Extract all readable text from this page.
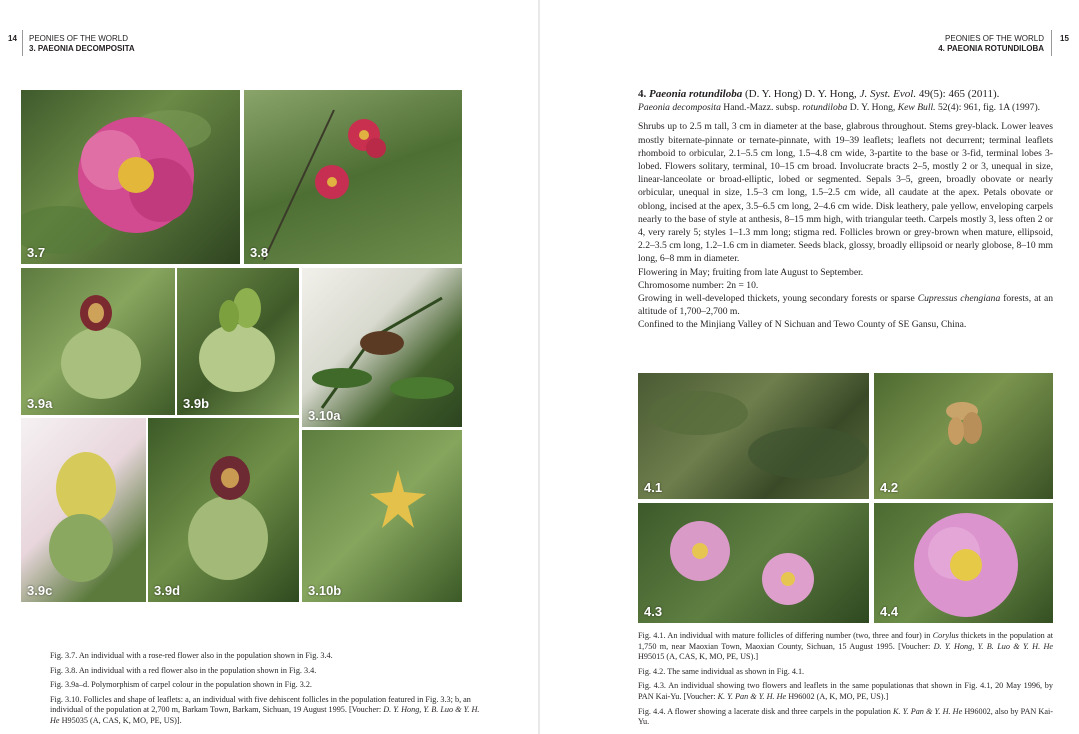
14 PEONIES OF THE WORLD
3. PAEONIA DECOMPOSITA
PEONIES OF THE WORLD
4. PAEONIA ROTUNDILOBA
15
3.7	3.8
3.9a	3.9b
3.10a
3.9c	3.9d	3.10b

Fig. 3.7. An individual with a rose-red flower also in the population shown in Fig. 3.4.

Fig. 3.8. An individual with a red flower also in the population shown in Fig. 3.4.

Fig. 3.9a–d. Polymorphism of carpel colour in the population shown in Fig. 3.2.

Fig. 3.10. Follicles and shape of leaflets: a, an individual with five dehiscent follicles in the population featured in Fig. 3.3; b, an individual of the population at 2,700 m, Barkam Town, Barkam, Sichuan, 19 August 1995. [Voucher: D. Y. Hong, Y. B. Luo & Y. H. He H95035 (A, CAS, K, MO, PE, US)].

4. Paeonia rotundiloba (D. Y. Hong) D. Y. Hong, J. Syst. Evol. 49(5): 465 (2011).

Paeonia decomposita Hand.-Mazz. subsp. rotundiloba D. Y. Hong, Kew Bull. 52(4): 961, fig. 1A (1997).

Shrubs up to 2.5 m tall, 3 cm in diameter at the base, glabrous throughout. Stems grey-black. Lower leaves mostly biternate-pinnate or ternate-pinnate, with 19–39 leaflets; leaflets not decurrent; terminal leaflets rhomboid to orbicular, 2.1–5.5 cm long, 1.5–4.8 cm wide, 3-partite to the base or 3-fid, terminal lobes 3-lobed. Flowers solitary, terminal, 10–15 cm broad. Involucrate bracts 2–5, mostly 2 or 3, unequal in size, linear-lanceolate or broad-elliptic, lobed or segmented. Sepals 3–5, green, broadly obovate or nearly orbicular, unequal in size, 1.5–3 cm long, 1.5–2.5 cm wide, all caudate at the apex. Petals obovate or oblong, incised at the apex, 3.5–6.5 cm long, 2–4.6 cm wide. Disk leathery, pale yellow, enveloping carpels nearly to the base of style at anthesis, 8–15 mm high, with triangular teeth. Carpels mostly 3, less often 2 or 4, very rarely 5; styles 1–1.3 mm long; stigma red. Follicles brown or grey-brown when mature, ellipsoid, 2.2–3.5 cm long, 1.2–1.6 cm in diameter. Seeds black, glossy, broadly ellipsoid or nearly globose, 8–10 mm long, 6–8 mm in diameter.

Flowering in May; fruiting from late August to September.

Chromosome number: 2n = 10.

Growing in well-developed thickets, young secondary forests or sparse Cupressus chengiana forests, at an altitude of 1,700–2,700 m.

Confined to the Minjiang Valley of N Sichuan and Tewo County of SE Gansu, China.

4.1	4.2
4.3	4.4

Fig. 4.1. An individual with mature follicles of differing number (two, three and four) in Corylus thickets in the population at 1,750 m, near Maoxian Town, Maoxian County, Sichuan, 15 August 1995. [Voucher: D. Y. Hong, Y. B. Luo & Y. H. He H95015 (A, CAS, K, MO, PE, US).]

Fig. 4.2. The same individual as shown in Fig. 4.1.

Fig. 4.3. An individual showing two flowers and leaflets in the same populationas that shown in Fig. 4.1, 20 May 1996, by PAN Kai-Yu. [Voucher: K. Y. Pan & Y. H. He H96002 (A, K, MO, PE, US).]

Fig. 4.4. A flower showing a lacerate disk and three carpels in the population K. Y. Pan & Y. H. He H96002, also by PAN Kai-Yu.
